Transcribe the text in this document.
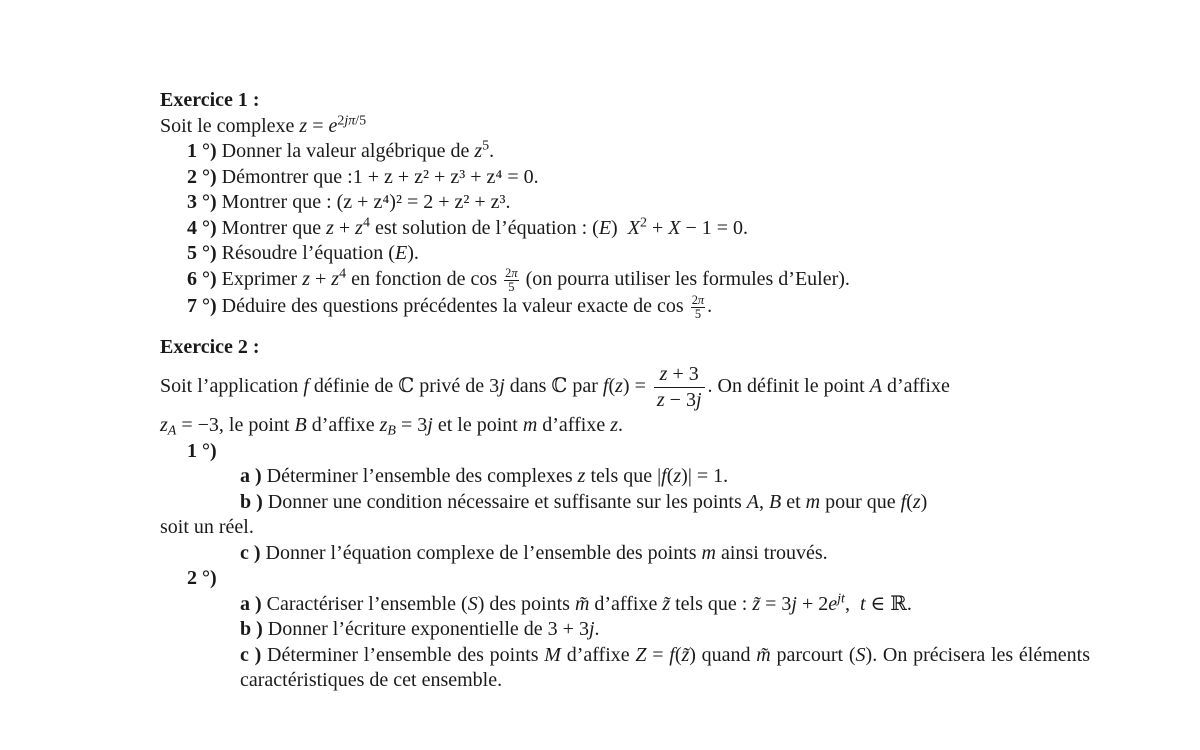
Exercice 1 :

Soit le complexe $z = e^{2j\pi/5}$

1 °) Donner la valeur algébrique de $z^5$.

2 °) Démontrer que :1 + z + z² + z³ + z⁴ = 0.

3 °) Montrer que : (z + z⁴)² = 2 + z² + z³.

4 °) Montrer que $z + z^4$ est solution de l’équation : (E)  $X^2 + X - 1 = 0$.

5 °) Résoudre l’équation (E).

6 °) Exprimer $z + z^4$ en fonction de $\cos \frac{2\pi}{5} (on$ pourra utiliser les formules d’Euler).

7 °) Déduire des questions précédentes la valeur exacte de $\cos \frac{2\pi}{5}$ .

Exercice 2 :

Soit l’application f définie de ℂ privé de 3j dans ℂ par $f(z) = \frac{z + 3}{z - 3j}$ . On définit le point A d’affixe

$z_A = -3$, le point B d’affixe $z_B = 3j$ et le point m d’affixe z.

1 °)

a ) Déterminer l’ensemble des complexes z tels que |f(z)| = 1.

b ) Donner une condition nécessaire et suffisante sur les points A, B et m pour que f(z)

soit un réel.

c ) Donner l’équation complexe de l’ensemble des points m ainsi trouvés.

2 °)

a ) Caractériser l’ensemble (S) des points m̃ d’affixe z̃ tels que : z̃ = $3j + 2e^{jt}$,  t ∈ ℝ.

b ) Donner l’écriture exponentielle de 3 + 3j.

c ) Déterminer l’ensemble des points M d’affixe Z = f(z̃) quand m̃ parcourt (S). On précisera les éléments caractéristiques de cet ensemble.
